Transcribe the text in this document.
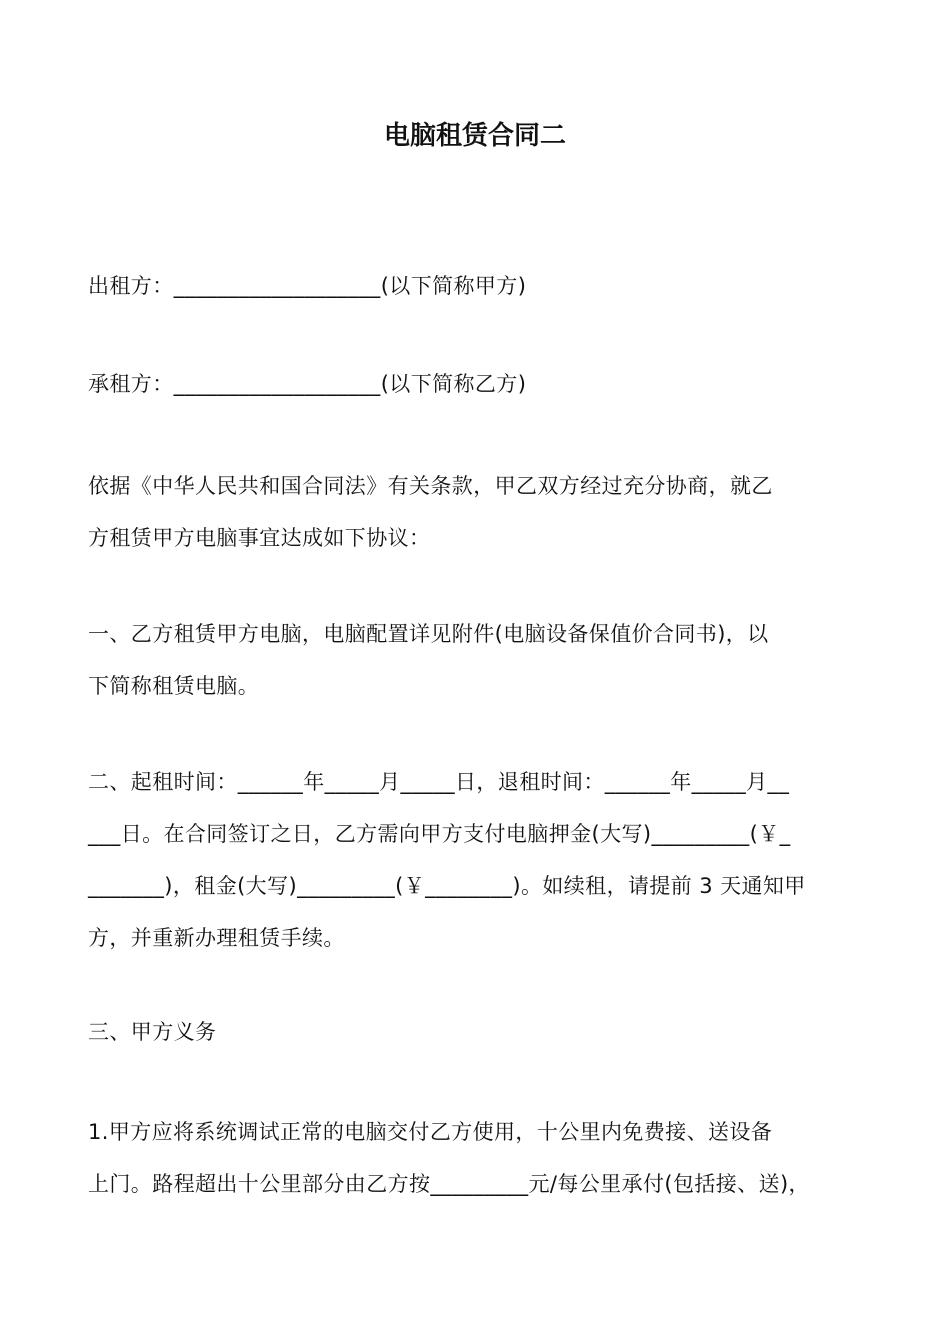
电脑租赁合同二
出租方：___________________(以下简称甲方)
承租方：___________________(以下简称乙方)
依据《中华人民共和国合同法》有关条款，甲乙双方经过充分协商，就乙
方租赁甲方电脑事宜达成如下协议：
一、乙方租赁甲方电脑，电脑配置详见附件(电脑设备保值价合同书)，以
下简称租赁电脑。
二、起租时间：______年_____月_____日，退租时间：______年_____月__
___日。在合同签订之日，乙方需向甲方支付电脑押金(大写)_________(￥_
_______)，租金(大写)_________(￥________)。如续租，请提前 3 天通知甲
方，并重新办理租赁手续。
三、甲方义务
1.甲方应将系统调试正常的电脑交付乙方使用，十公里内免费接、送设备
上门。路程超出十公里部分由乙方按_________元/每公里承付(包括接、送)，
